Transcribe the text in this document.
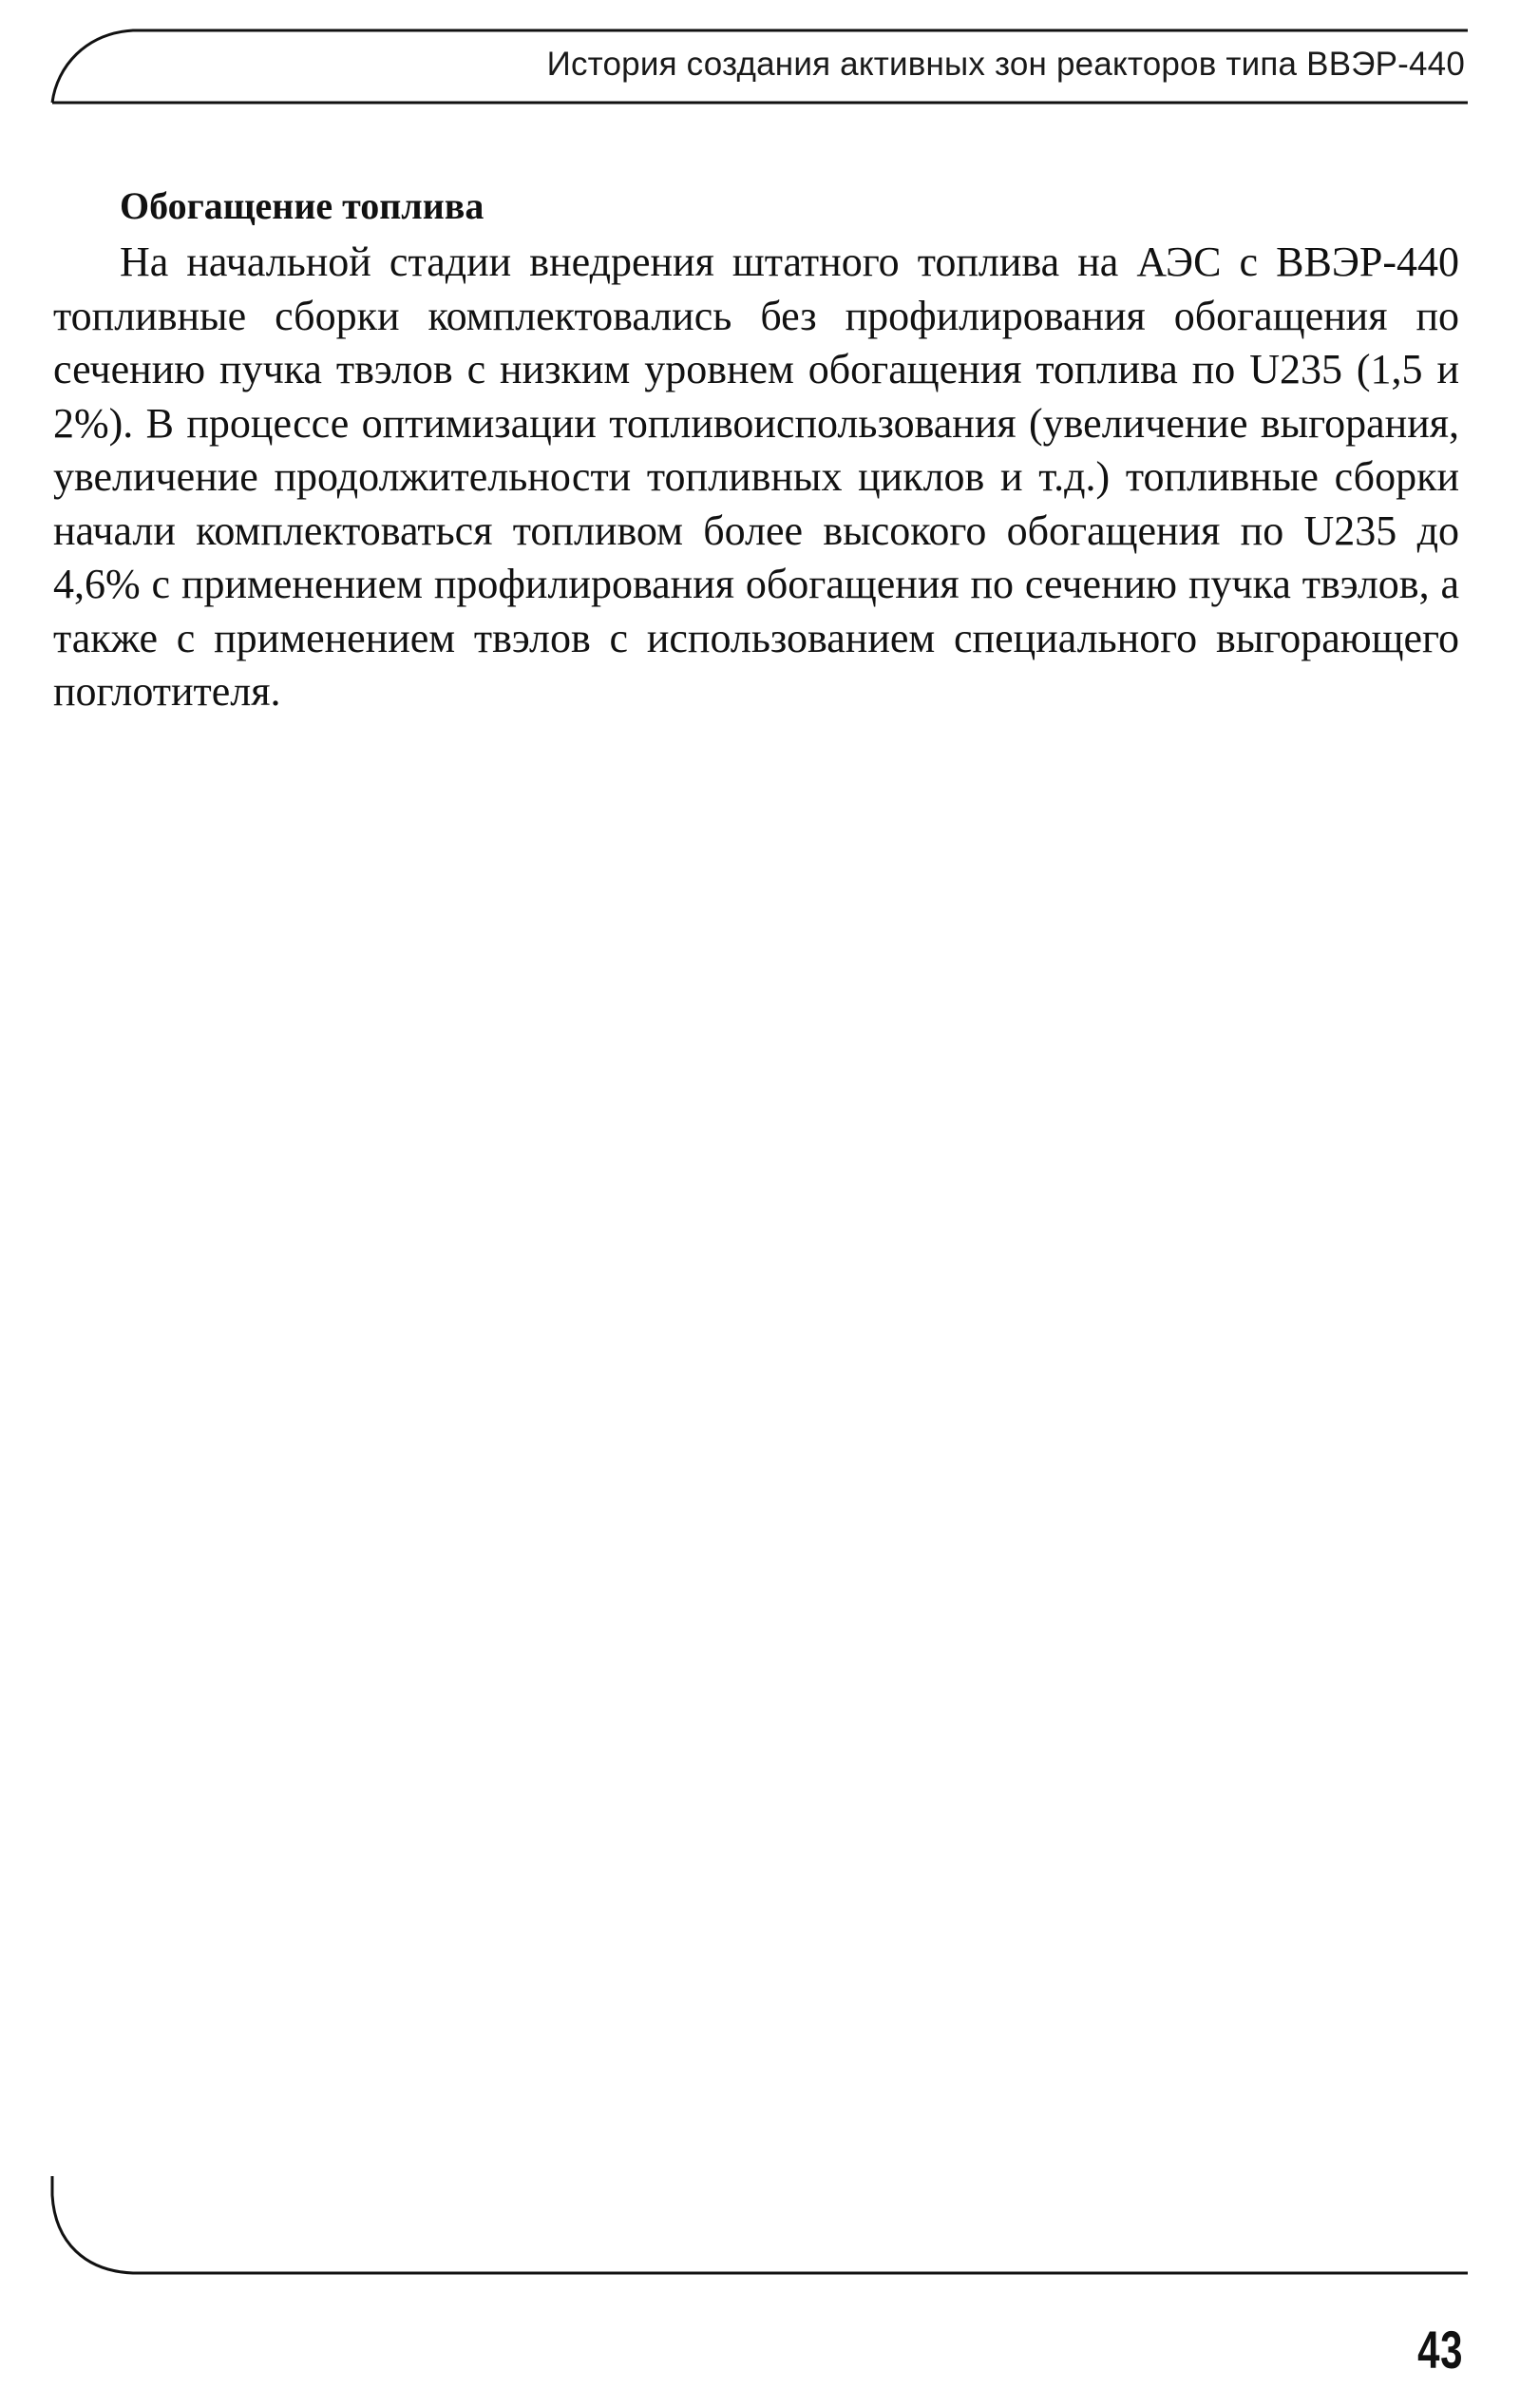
История создания активных зон реакторов типа ВВЭР-440
Обогащение топлива

На начальной стадии внедрения штатного топлива на АЭС с ВВЭР-440 топливные сборки комплектовались без профилирования обогащения по сечению пучка твэлов с низким уровнем обогащения топлива по U235 (1,5 и 2%). В процессе оптимизации топливоиспользования (увеличение выгорания, увеличение продолжительности топливных циклов и т.д.) топливные сборки начали комплектоваться топливом более высокого обогащения по U235 до 4,6% с применением профилирования обогащения по сечению пучка твэлов, а также с применением твэлов с использованием специального выгорающего поглотителя.

43
